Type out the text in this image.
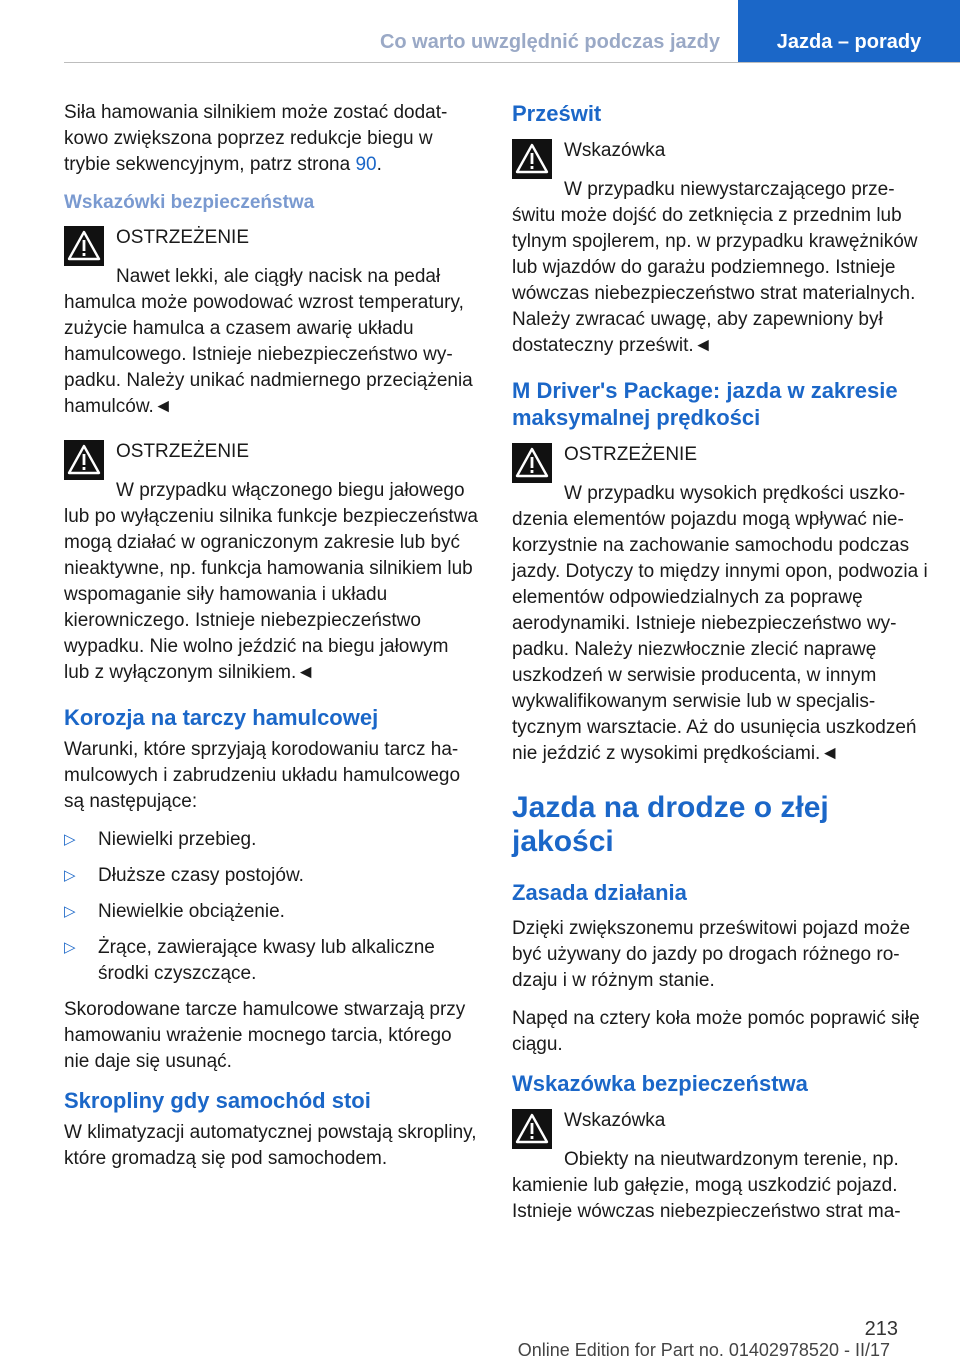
Co warto uwzględnić podczas jazdy	Jazda – porady

Siła hamowania silnikiem może zostać dodatkowo zwiększona poprzez redukcje biegu w trybie sekwencyjnym, patrz strona 90.

Wskazówki bezpieczeństwa
OSTRZEŻENIE
Nawet lekki, ale ciągły nacisk na pedał hamulca może powodować wzrost temperatury, zużycie hamulca a czasem awarię układu hamulcowego. Istnieje niebezpieczeństwo wypadku. Należy unikać nadmiernego przeciążenia hamulców.◄
OSTRZEŻENIE
W przypadku włączonego biegu jałowego lub po wyłączeniu silnika funkcje bezpieczeństwa mogą działać w ograniczonym zakresie lub być nieaktywne, np. funkcja hamowania silnikiem lub wspomaganie siły hamowania i układu kierowniczego. Istnieje niebezpieczeństwo wypadku. Nie wolno jeździć na biegu jałowym lub z wyłączonym silnikiem.◄
Korozja na tarczy hamulcowej

Warunki, które sprzyjają korodowaniu tarcz hamulcowych i zabrudzeniu układu hamulcowego są następujące:

▷ Niewielki przebieg.
▷ Dłuższe czasy postojów.
▷ Niewielkie obciążenie.
▷ Żrące, zawierające kwasy lub alkaliczne środki czyszczące.

Skorodowane tarcze hamulcowe stwarzają przy hamowaniu wrażenie mocnego tarcia, którego nie daje się usunąć.

Skropliny gdy samochód stoi

W klimatyzacji automatycznej powstają skropliny, które gromadzą się pod samochodem.

Prześwit
Wskazówka
W przypadku niewystarczającego prześwitu może dojść do zetknięcia z przednim lub tylnym spojlerem, np. w przypadku krawężników lub wjazdów do garażu podziemnego. Istnieje wówczas niebezpieczeństwo strat materialnych. Należy zwracać uwagę, aby zapewniony był dostateczny prześwit.◄
M Driver's Package: jazda w zakresie maksymalnej prędkości
OSTRZEŻENIE
W przypadku wysokich prędkości uszkodzenia elementów pojazdu mogą wpływać niekorzystnie na zachowanie samochodu podczas jazdy. Dotyczy to między innymi opon, podwozia i elementów odpowiedzialnych za poprawę aerodynamiki. Istnieje niebezpieczeństwo wypadku. Należy niezwłocznie zlecić naprawę uszkodzeń w serwisie producenta, w innym wykwalifikowanym serwisie lub w specjalistycznym warsztacie. Aż do usunięcia uszkodzeń nie jeździć z wysokimi prędkościami.◄
Jazda na drodze o złej jakości
Zasada działania

Dzięki zwiększonemu prześwitowi pojazd może być używany do jazdy po drogach różnego rodzaju i w różnym stanie.

Napęd na cztery koła może pomóc poprawić siłę ciągu.

Wskazówka bezpieczeństwa
Wskazówka
Obiekty na nieutwardzonym terenie, np. kamienie lub gałęzie, mogą uszkodzić pojazd. Istnieje wówczas niebezpieczeństwo strat ma-
213
Online Edition for Part no. 01402978520 - II/17
